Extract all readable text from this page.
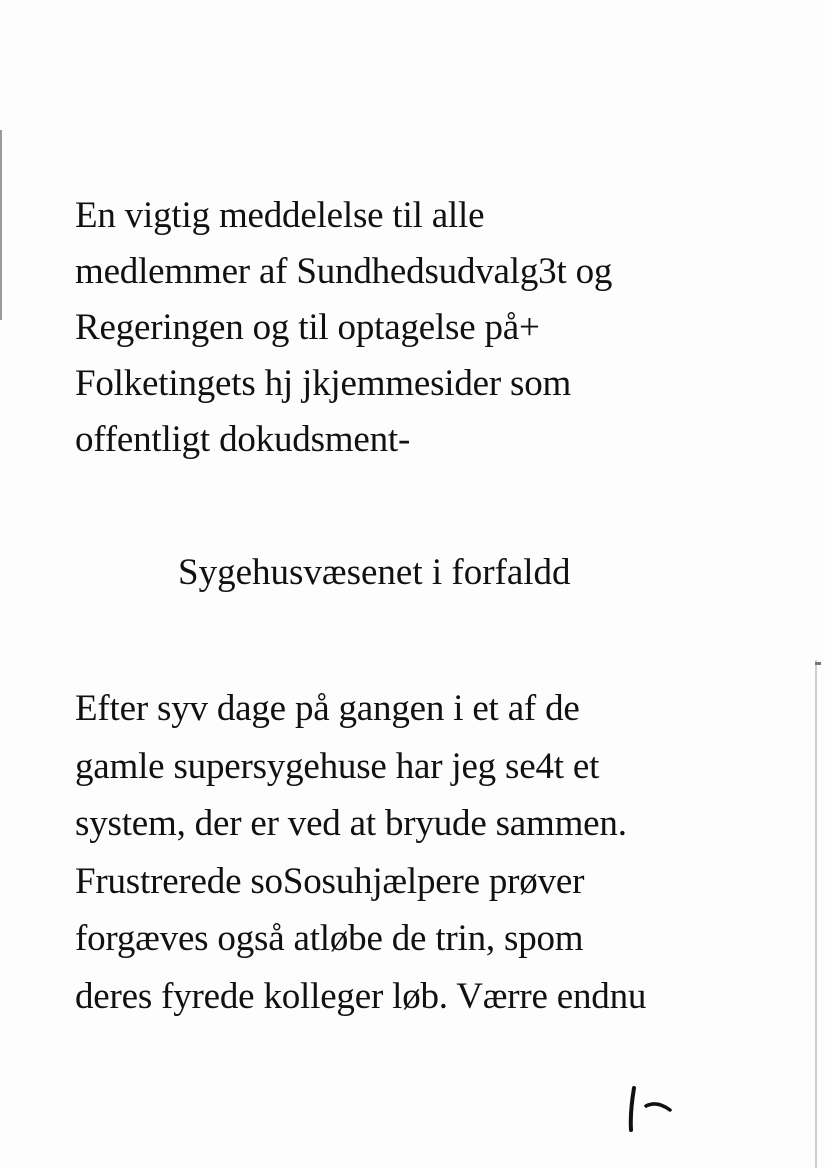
En vigtig meddelelse til alle
medlemmer af Sundhedsudvalg3t og
Regeringen og til optagelse på+
Folketingets hj jkjemmesider som
offentligt dokudsment-
Sygehusvæsenet i forfaldd
Efter syv dage på gangen i et af de
gamle supersygehuse har jeg se4t et
system, der er ved at bryude sammen.
Frustrerede soSosuhjælpere prøver
forgæves også atløbe de trin, spom
deres fyrede kolleger løb. Værre endnu
